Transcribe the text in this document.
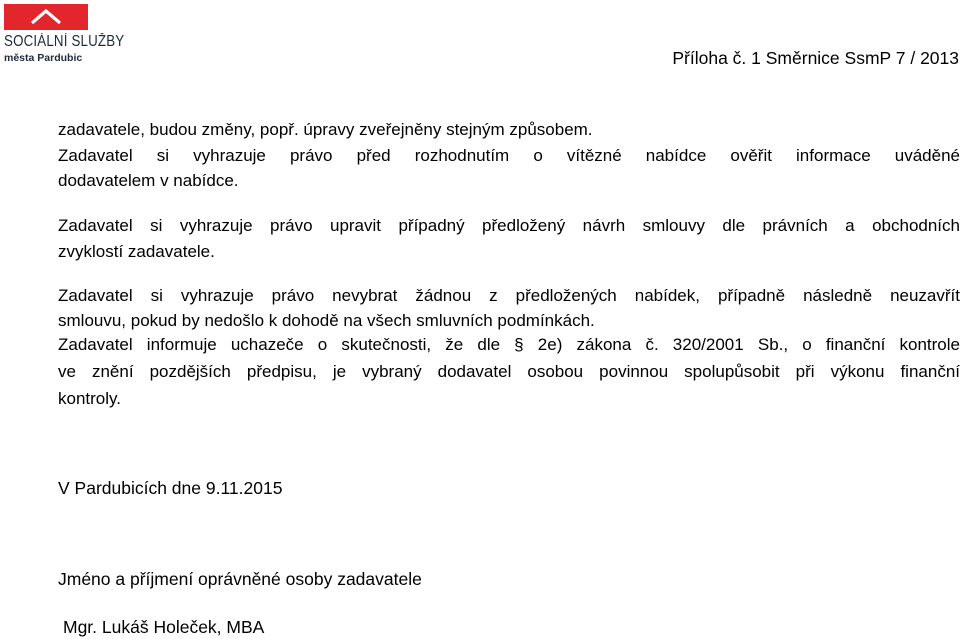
SOCIÁLNÍ SLUŽBY
města Pardubic	Příloha č. 1 Směrnice SsmP 7 / 2013
zadavatele, budou změny, popř. úpravy zveřejněny stejným způsobem.
Zadavatel si vyhrazuje právo před rozhodnutím o vítězné nabídce ověřit informace uváděné
dodavatelem v nabídce.
Zadavatel si vyhrazuje právo upravit případný předložený návrh smlouvy dle právních a obchodních
zvyklostí zadavatele.
Zadavatel si vyhrazuje právo nevybrat žádnou z předložených nabídek, případně následně neuzavřít
smlouvu, pokud by nedošlo k dohodě na všech smluvních podmínkách.
Zadavatel informuje uchazeče o skutečnosti, že dle § 2e) zákona č. 320/2001 Sb., o finanční kontrole
ve znění pozdějších předpisu, je vybraný dodavatel osobou povinnou spolupůsobit při výkonu finanční
kontroly.
V Pardubicích dne 9.11.2015
Jméno a příjmení oprávněné osoby zadavatele
Mgr. Lukáš Holeček, MBA
